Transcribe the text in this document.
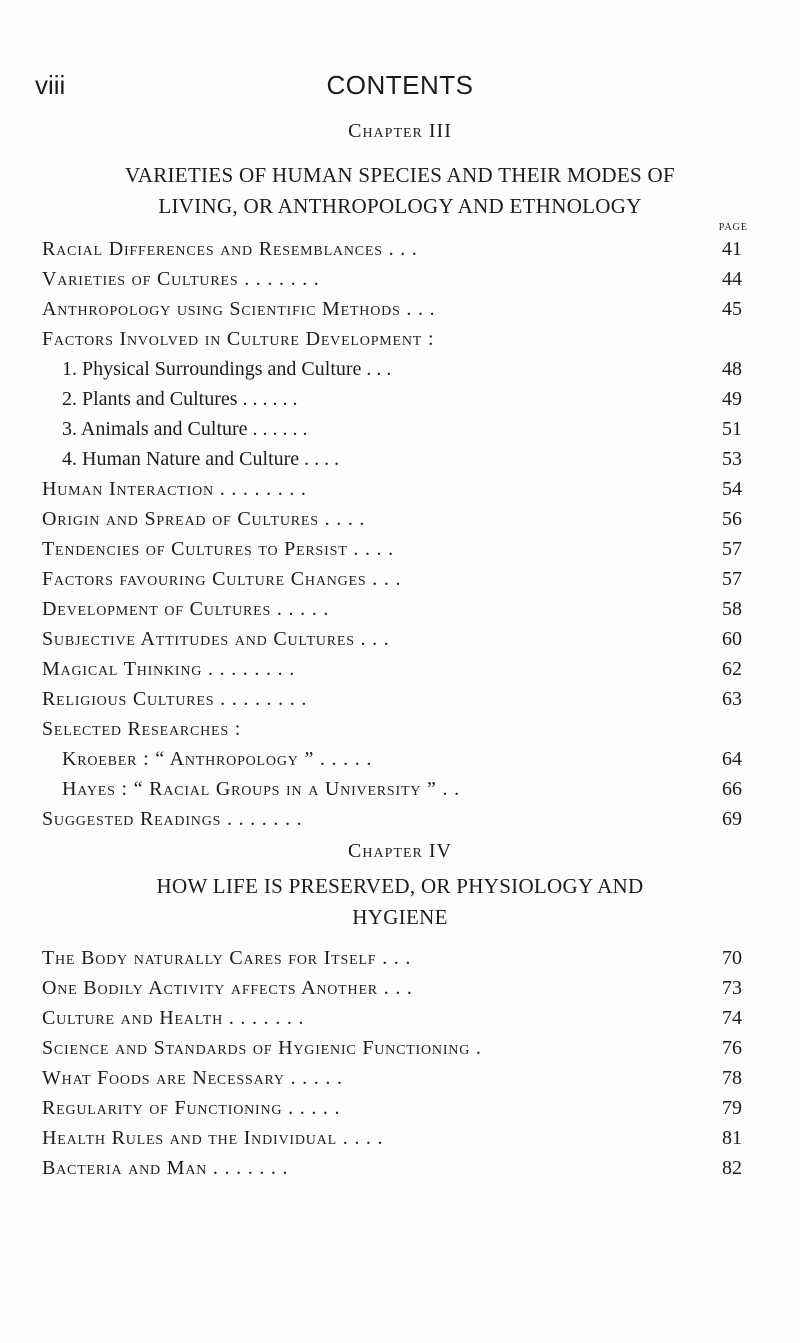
viii	CONTENTS
Chapter III
VARIETIES OF HUMAN SPECIES AND THEIR MODES OF
LIVING, OR ANTHROPOLOGY AND ETHNOLOGY
PAGE
Racial Differences and Resemblances . . .	41
Varieties of Cultures . . . . . . .	44
Anthropology using Scientific Methods . . .	45
Factors Involved in Culture Development :
1. Physical Surroundings and Culture . . .	48
2. Plants and Cultures . . . . . .	49
3. Animals and Culture . . . . . .	51
4. Human Nature and Culture . . . .	53
Human Interaction . . . . . . . .	54
Origin and Spread of Cultures . . . .	56
Tendencies of Cultures to Persist . . . .	57
Factors favouring Culture Changes . . .	57
Development of Cultures . . . . .	58
Subjective Attitudes and Cultures . . .	60
Magical Thinking . . . . . . . .	62
Religious Cultures . . . . . . . .	63
Selected Researches :
Kroeber : “ Anthropology ” . . . . .	64
Hayes : “ Racial Groups in a University ” . .	66
Suggested Readings . . . . . . .	69
Chapter IV
HOW LIFE IS PRESERVED, OR PHYSIOLOGY AND
HYGIENE
The Body naturally Cares for Itself . . .	70
One Bodily Activity affects Another . . .	73
Culture and Health . . . . . . .	74
Science and Standards of Hygienic Functioning .	76
What Foods are Necessary . . . . .	78
Regularity of Functioning . . . . .	79
Health Rules and the Individual . . . .	81
Bacteria and Man . . . . . . .	82
